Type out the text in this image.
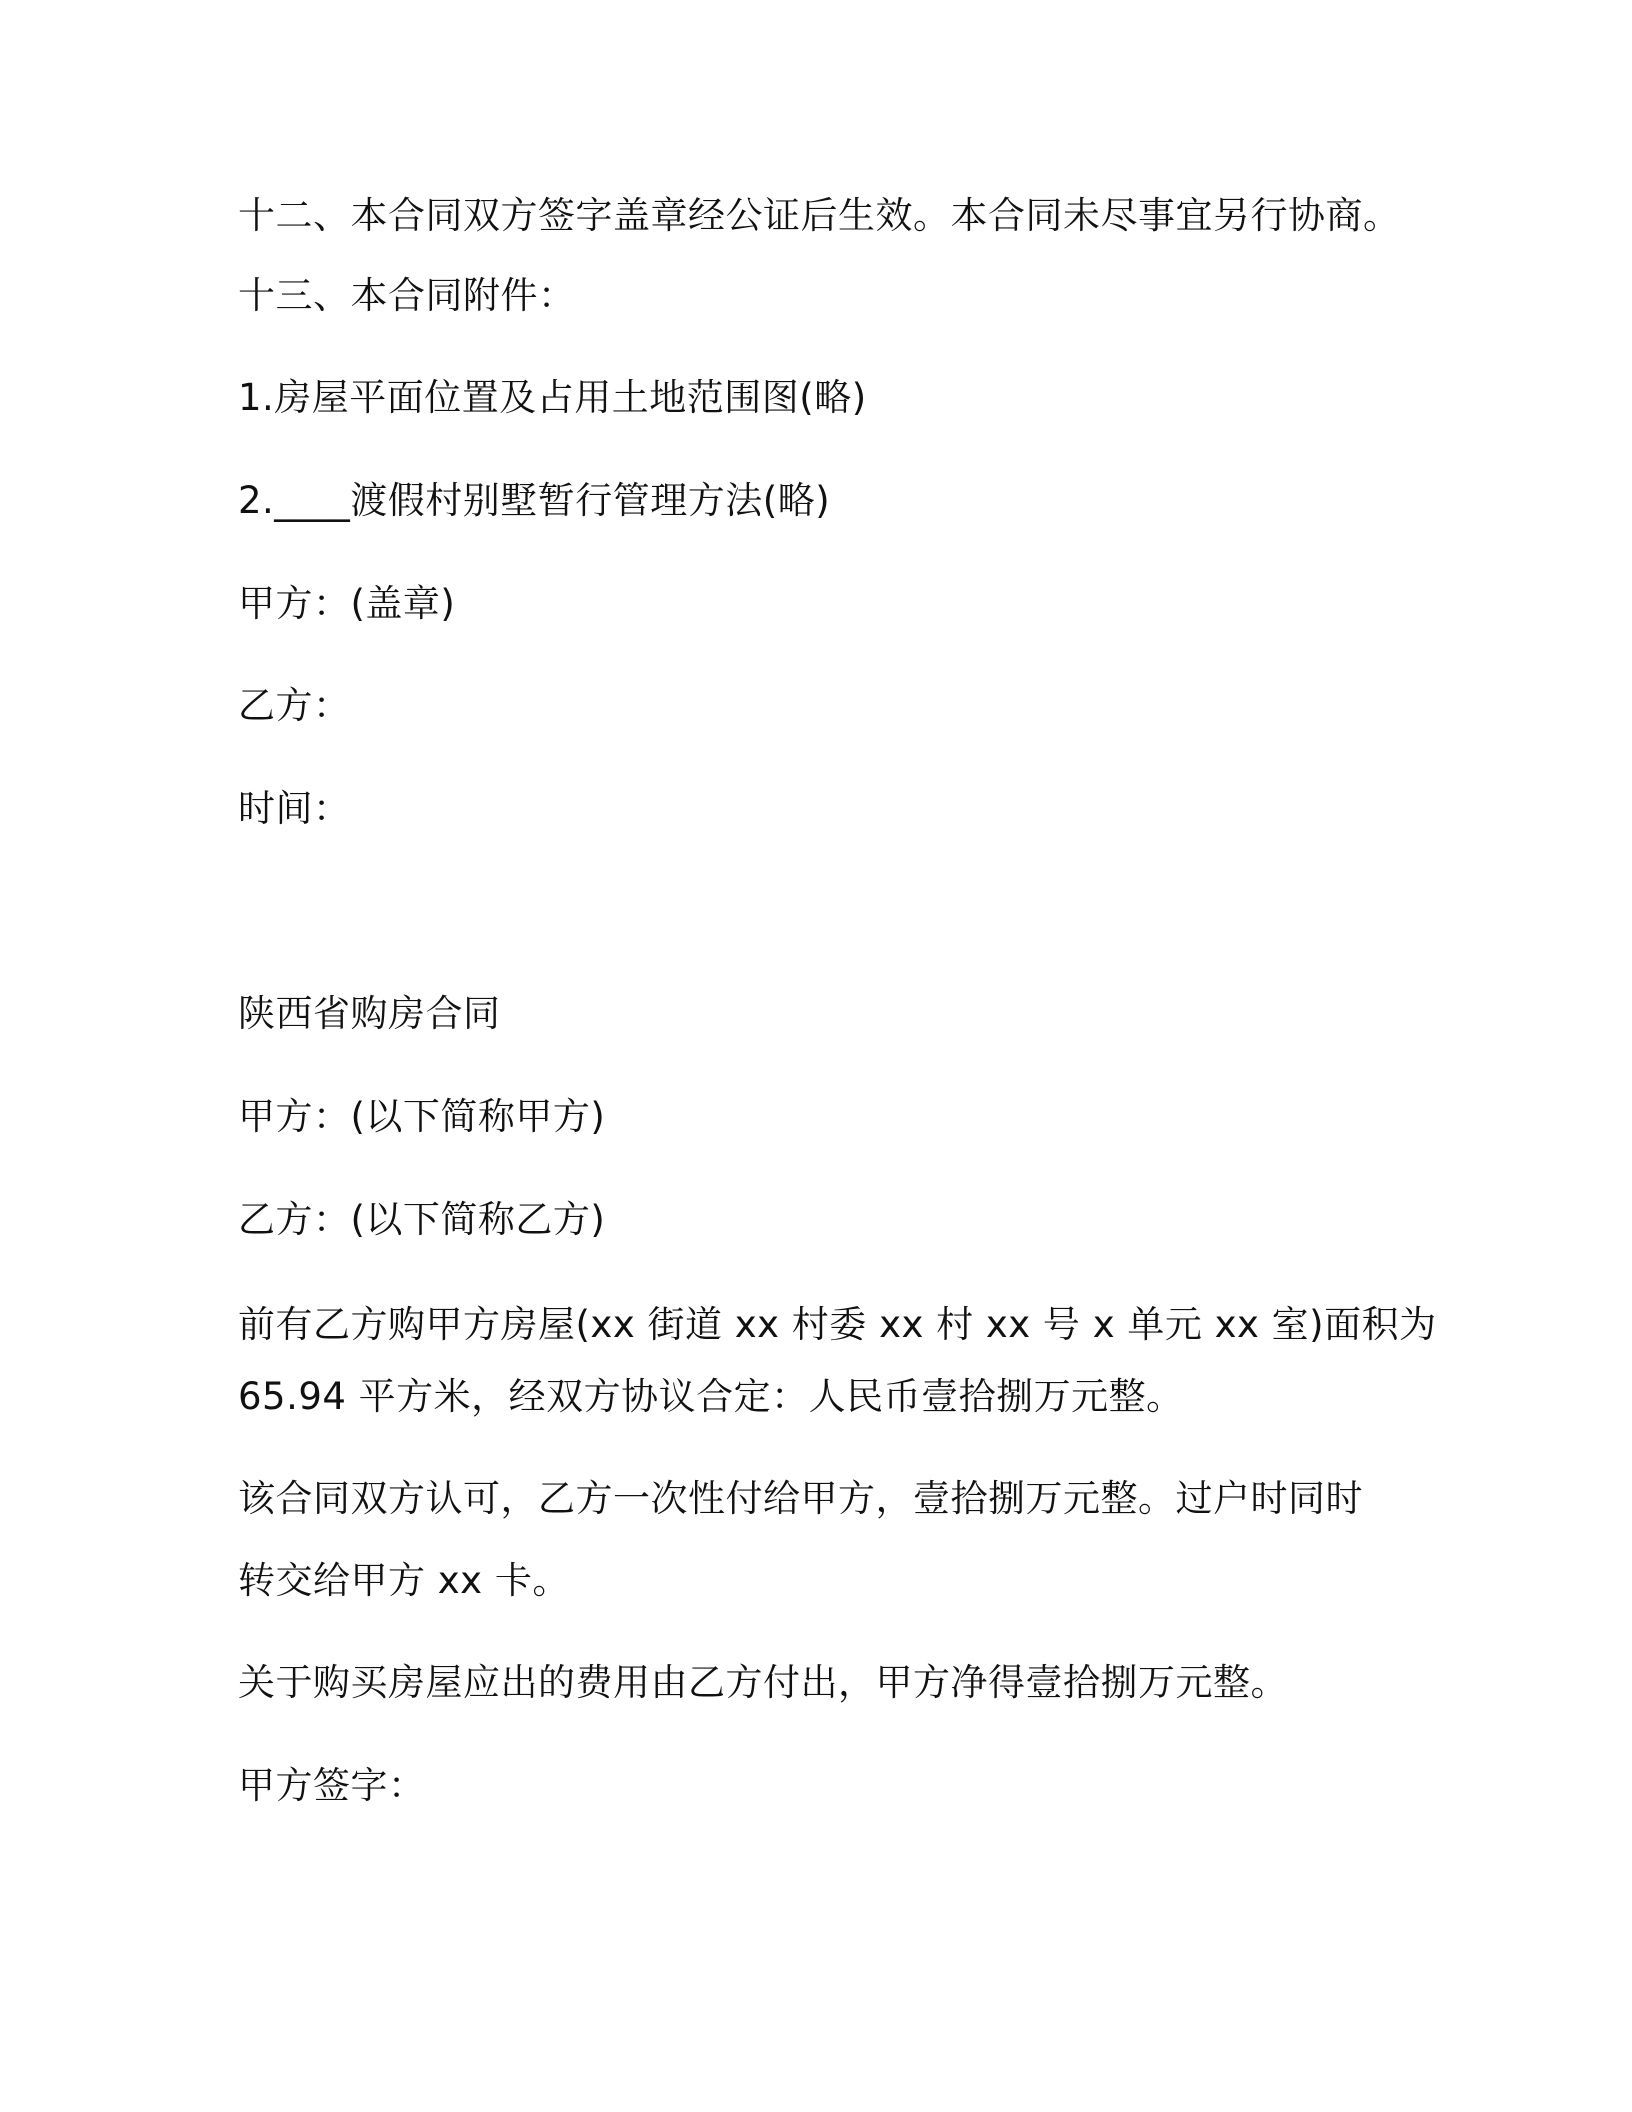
十二、本合同双方签字盖章经公证后生效。本合同未尽事宜另行协商。
十三、本合同附件：
1.房屋平面位置及占用土地范围图(略)
2.____渡假村别墅暂行管理方法(略)
甲方：(盖章)
乙方：
时间：
陕西省购房合同
甲方：(以下简称甲方)
乙方：(以下简称乙方)
前有乙方购甲方房屋(xx 街道 xx 村委 xx 村 xx 号 x 单元 xx 室)面积为
65.94 平方米，经双方协议合定：人民币壹拾捌万元整。
该合同双方认可，乙方一次性付给甲方，壹拾捌万元整。过户时同时
转交给甲方 xx 卡。
关于购买房屋应出的费用由乙方付出，甲方净得壹拾捌万元整。
甲方签字：
